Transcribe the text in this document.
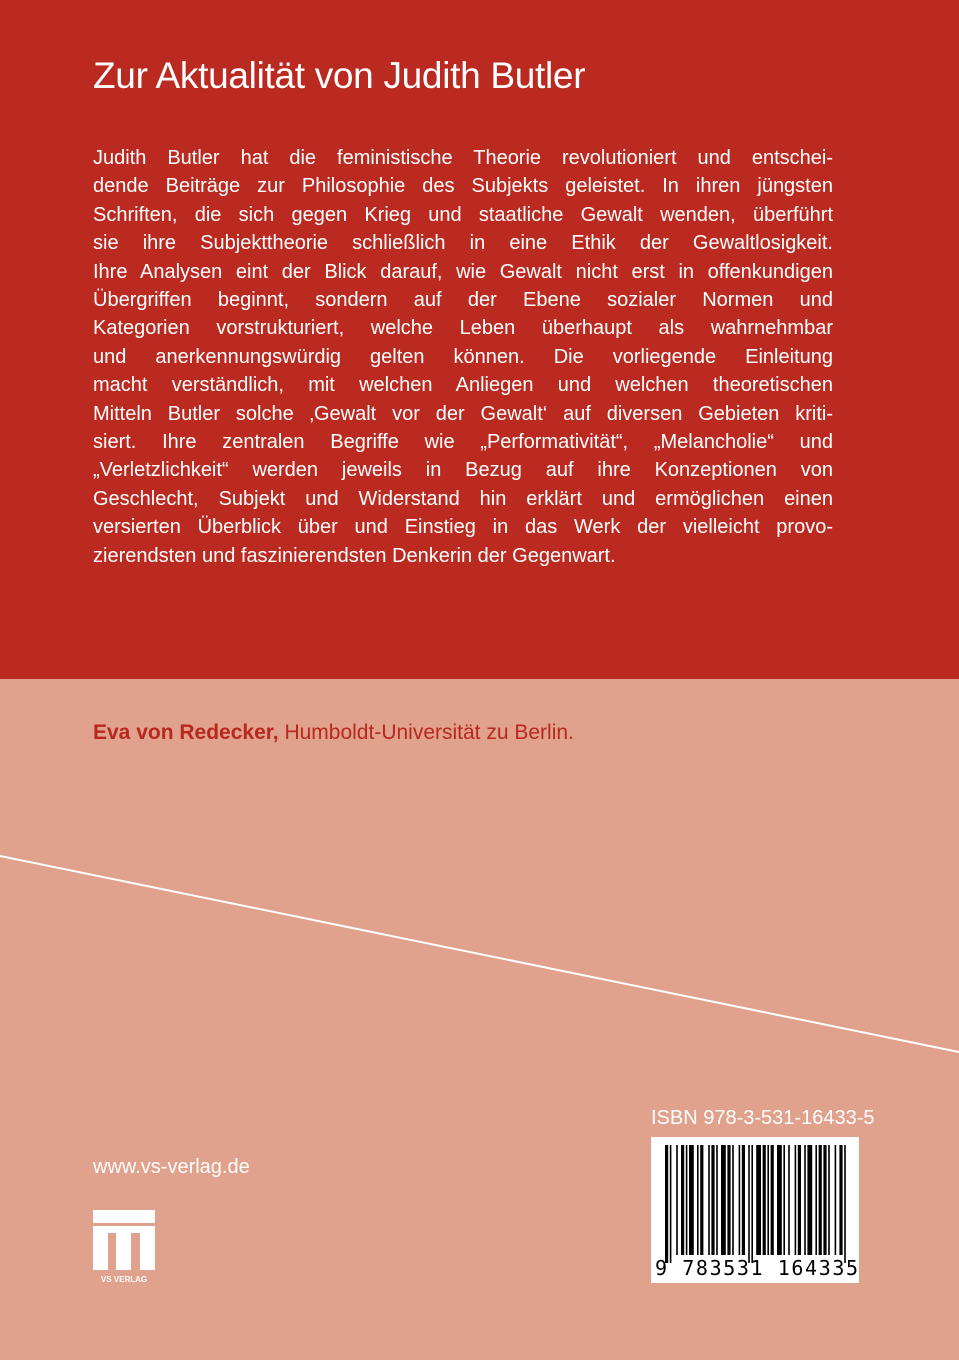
Zur Aktualität von Judith Butler
Judith Butler hat die feministische Theorie revolutioniert und entschei-
dende Beiträge zur Philosophie des Subjekts geleistet. In ihren jüngsten
Schriften, die sich gegen Krieg und staatliche Gewalt wenden, überführt
sie ihre Subjekttheorie schließlich in eine Ethik der Gewaltlosigkeit.
Ihre Analysen eint der Blick darauf, wie Gewalt nicht erst in offenkundigen
Übergriffen beginnt, sondern auf der Ebene sozialer Normen und
Kategorien vorstrukturiert, welche Leben überhaupt als wahrnehmbar
und anerkennungswürdig gelten können. Die vorliegende Einleitung
macht verständlich, mit welchen Anliegen und welchen theoretischen
Mitteln Butler solche ‚Gewalt vor der Gewalt‘ auf diversen Gebieten kriti-
siert. Ihre zentralen Begriffe wie „Performativität“, „Melancholie“ und
„Verletzlichkeit“ werden jeweils in Bezug auf ihre Konzeptionen von
Geschlecht, Subjekt und Widerstand hin erklärt und ermöglichen einen
versierten Überblick über und Einstieg in das Werk der vielleicht provo-
zierendsten und faszinierendsten Denkerin der Gegenwart.

Eva von Redecker, Humboldt-Universität zu Berlin.

www.vs-verlag.de
VS VERLAG
ISBN 978-3-531-16433-5
9 783531 164335
